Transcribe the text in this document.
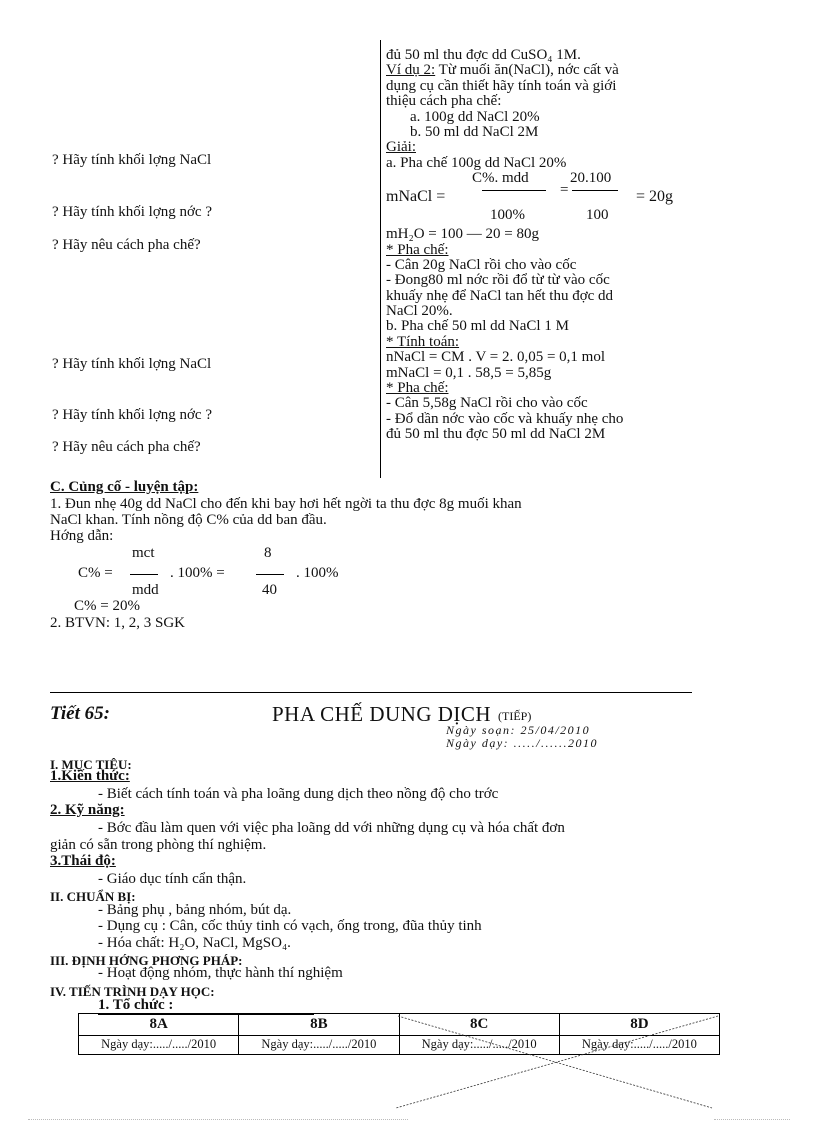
? Hãy tính khối lợng NaCl
? Hãy tính khối lợng nớc ?
? Hãy nêu cách pha chế?
? Hãy tính khối lợng NaCl
? Hãy tính khối lợng nớc ?
? Hãy nêu cách pha chế?
đủ 50 ml thu đợc dd CuSO₄ 1M.
Ví dụ 2: Từ muối ăn(NaCl), nớc cất và
dụng cụ cần thiết hãy tính toán và giới
thiệu cách pha chế:
a. 100g dd NaCl 20%
b. 50 ml dd NaCl 2M
Giải:
a. Pha chế 100g dd NaCl 20%
C%. mdd	20.100
mNaCl =	=	= 20g
100%	100
mH₂O = 100 — 20 = 80g
* Pha chế:
- Cân 20g NaCl rồi cho vào cốc
- Đong80 ml nớc rồi đổ từ từ vào cốc
khuấy nhẹ để NaCl tan hết thu đợc dd
NaCl 20%.
b. Pha chế 50 ml dd NaCl 1 M
* Tính toán:
nNaCl = CM . V = 2. 0,05 = 0,1 mol
mNaCl = 0,1 . 58,5 = 5,85g
* Pha chế:
- Cân 5,58g NaCl rồi cho vào cốc
- Đổ dần nớc vào cốc và khuấy nhẹ cho
đủ 50 ml thu đợc 50 ml dd NaCl 2M
C. Củng cố - luyện tập:
1. Đun nhẹ 40g dd NaCl cho đến khi bay hơi hết ngời ta thu đợc 8g muối khan
NaCl khan. Tính nồng độ C% của dd ban đầu.
Hớng dẫn:
mct	8
C% =	. 100% =	. 100%
mdd	40
C% = 20%
2. BTVN: 1, 2, 3 SGK
Tiết 65:	PHA CHẾ DUNG DỊCH (TIẾP)
Ngày soạn: 25/04/2010
Ngày dạy: ...../......2010
I. MỤC TIÊU:
1.Kiến thức:
- Biết cách tính toán và pha loãng dung dịch theo nồng độ cho trớc
2. Kỹ năng:
- Bớc đầu làm quen với việc pha loãng dd với những dụng cụ và hóa chất đơn
giản có sẵn trong phòng thí nghiệm.
3.Thái độ:
- Giáo dục tính cẩn thận.
II. CHUẨN BỊ:
- Bảng phụ , bảng nhóm, bút dạ.
- Dụng cụ : Cân, cốc thủy tinh có vạch, ống trong, đũa thủy tinh
- Hóa chất: H₂O, NaCl, MgSO₄.
III. ĐỊNH HỚNG PHƠNG PHÁP:
- Hoạt động nhóm, thực hành thí nghiệm
IV. TIẾN TRÌNH DẠY HỌC:
1. Tổ chức :
8A	8B	8C	8D
Ngày dạy:...../...../2010	Ngày dạy:...../...../2010	Ngày dạy:...../...../2010	Ngày dạy:...../...../2010
